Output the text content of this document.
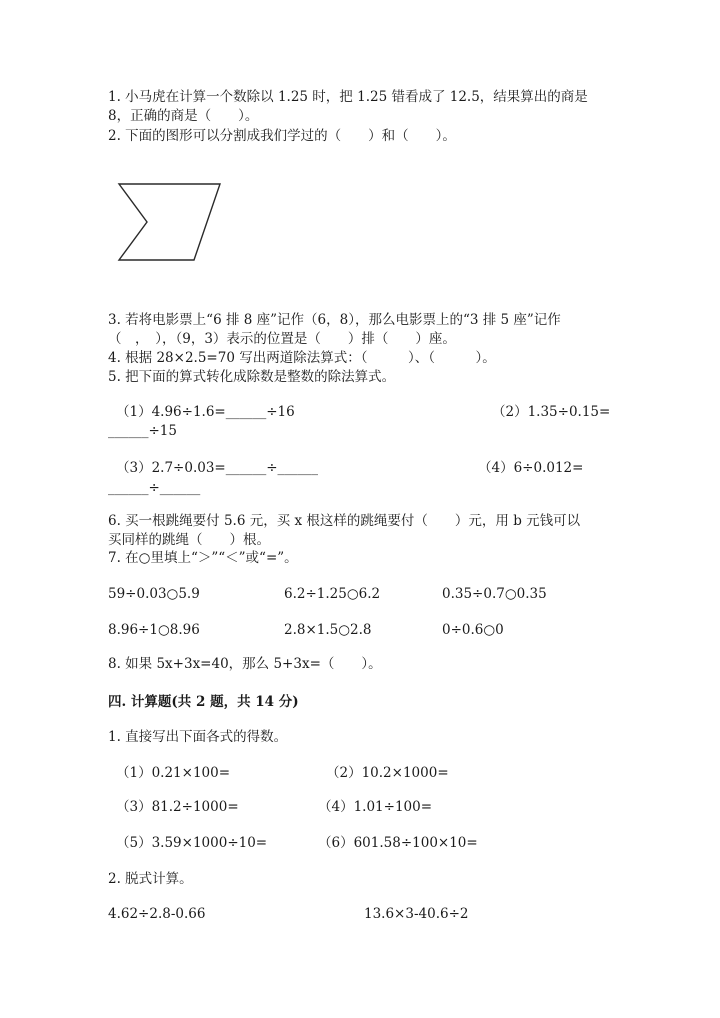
1. 小马虎在计算一个数除以 1.25 时，把 1.25 错看成了 12.5，结果算出的商是
8，正确的商是（　　）。
2. 下面的图形可以分割成我们学过的（　　）和（　　）。
3. 若将电影票上“6 排 8 座”记作（6，8），那么电影票上的“3 排 5 座”记作
（　，　），（9，3）表示的位置是（　　）排（　　）座。
4. 根据 28×2.5=70 写出两道除法算式：（　　　）、（　　　）。
5. 把下面的算式转化成除数是整数的除法算式。
（1）4.96÷1.6=______÷16	（2）1.35÷0.15=
______÷15
（3）2.7÷0.03=______÷______	（4）6÷0.012=
______÷______
6. 买一根跳绳要付 5.6 元，买 x 根这样的跳绳要付（　　）元，用 b 元钱可以
买同样的跳绳（　　）根。
7. 在○里填上“＞”“＜”或“=”。
59÷0.03○5.9	6.2÷1.25○6.2	0.35÷0.7○0.35
8.96÷1○8.96	2.8×1.5○2.8	0÷0.6○0
8. 如果 5x+3x=40，那么 5+3x=（　　）。
四. 计算题(共 2 题，共 14 分)
1. 直接写出下面各式的得数。
（1）0.21×100=	（2）10.2×1000=
（3）81.2÷1000=	（4）1.01÷100=
（5）3.59×1000÷10=	（6）601.58÷100×10=
2. 脱式计算。
4.62÷2.8-0.66	13.6×3-40.6÷2
